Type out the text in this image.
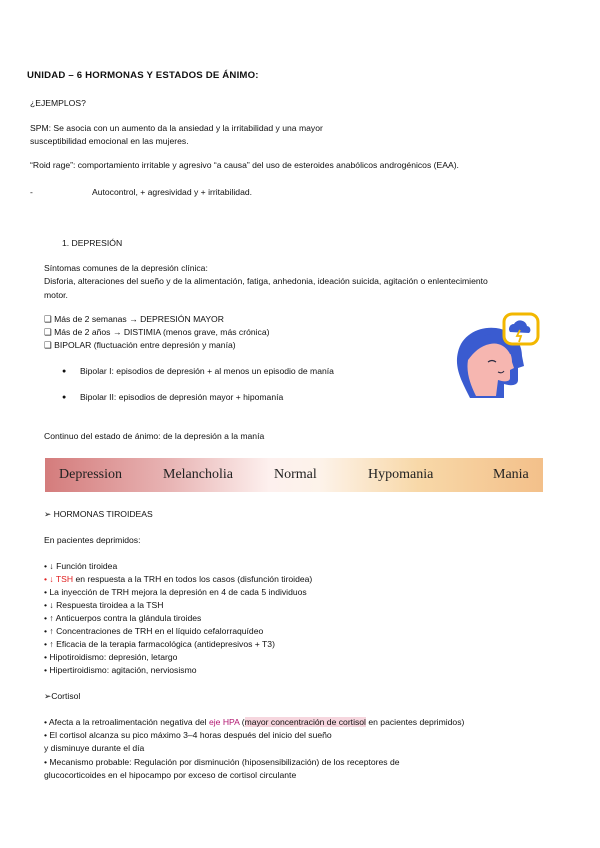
UNIDAD – 6 HORMONAS Y ESTADOS DE ÁNIMO:
¿EJEMPLOS?
SPM: Se asocia con un aumento da la ansiedad y la irritabilidad y una mayor
susceptibilidad emocional en las mujeres.
“Roid rage”: comportamiento irritable y agresivo “a causa” del uso de esteroides anabólicos androgénicos (EAA).
-	Autocontrol, + agresividad y + irritabilidad.
1. DEPRESIÓN
Síntomas comunes de la depresión clínica:
Disforia, alteraciones del sueño y de la alimentación, fatiga, anhedonia, ideación suicida, agitación o enlentecimiento
motor.
❑ Más de 2 semanas → DEPRESIÓN MAYOR
❑ Más de 2 años → DISTIMIA (menos grave, más crónica)
❑ BIPOLAR (fluctuación entre depresión y manía)
● Bipolar I: episodios de depresión + al menos un episodio de manía
● Bipolar II: episodios de depresión mayor + hipomanía
Continuo del estado de ánimo: de la depresión a la manía
Depression	Melancholia	Normal	Hypomania	Mania
➢ HORMONAS TIROIDEAS
En pacientes deprimidos:
• ↓ Función tiroidea
• ↓ TSH en respuesta a la TRH en todos los casos (disfunción tiroidea)
• La inyección de TRH mejora la depresión en 4 de cada 5 individuos
• ↓ Respuesta tiroidea a la TSH
• ↑ Anticuerpos contra la glándula tiroides
• ↑ Concentraciones de TRH en el líquido cefalorraquídeo
• ↑ Eficacia de la terapia farmacológica (antidepresivos + T3)
• Hipotiroidismo: depresión, letargo
• Hipertiroidismo: agitación, nerviosismo
➢Cortisol
• Afecta a la retroalimentación negativa del eje HPA (mayor concentración de cortisol en pacientes deprimidos)
• El cortisol alcanza su pico máximo 3–4 horas después del inicio del sueño
y disminuye durante el día
• Mecanismo probable: Regulación por disminución (hiposensibilización) de los receptores de
glucocorticoides en el hipocampo por exceso de cortisol circulante
